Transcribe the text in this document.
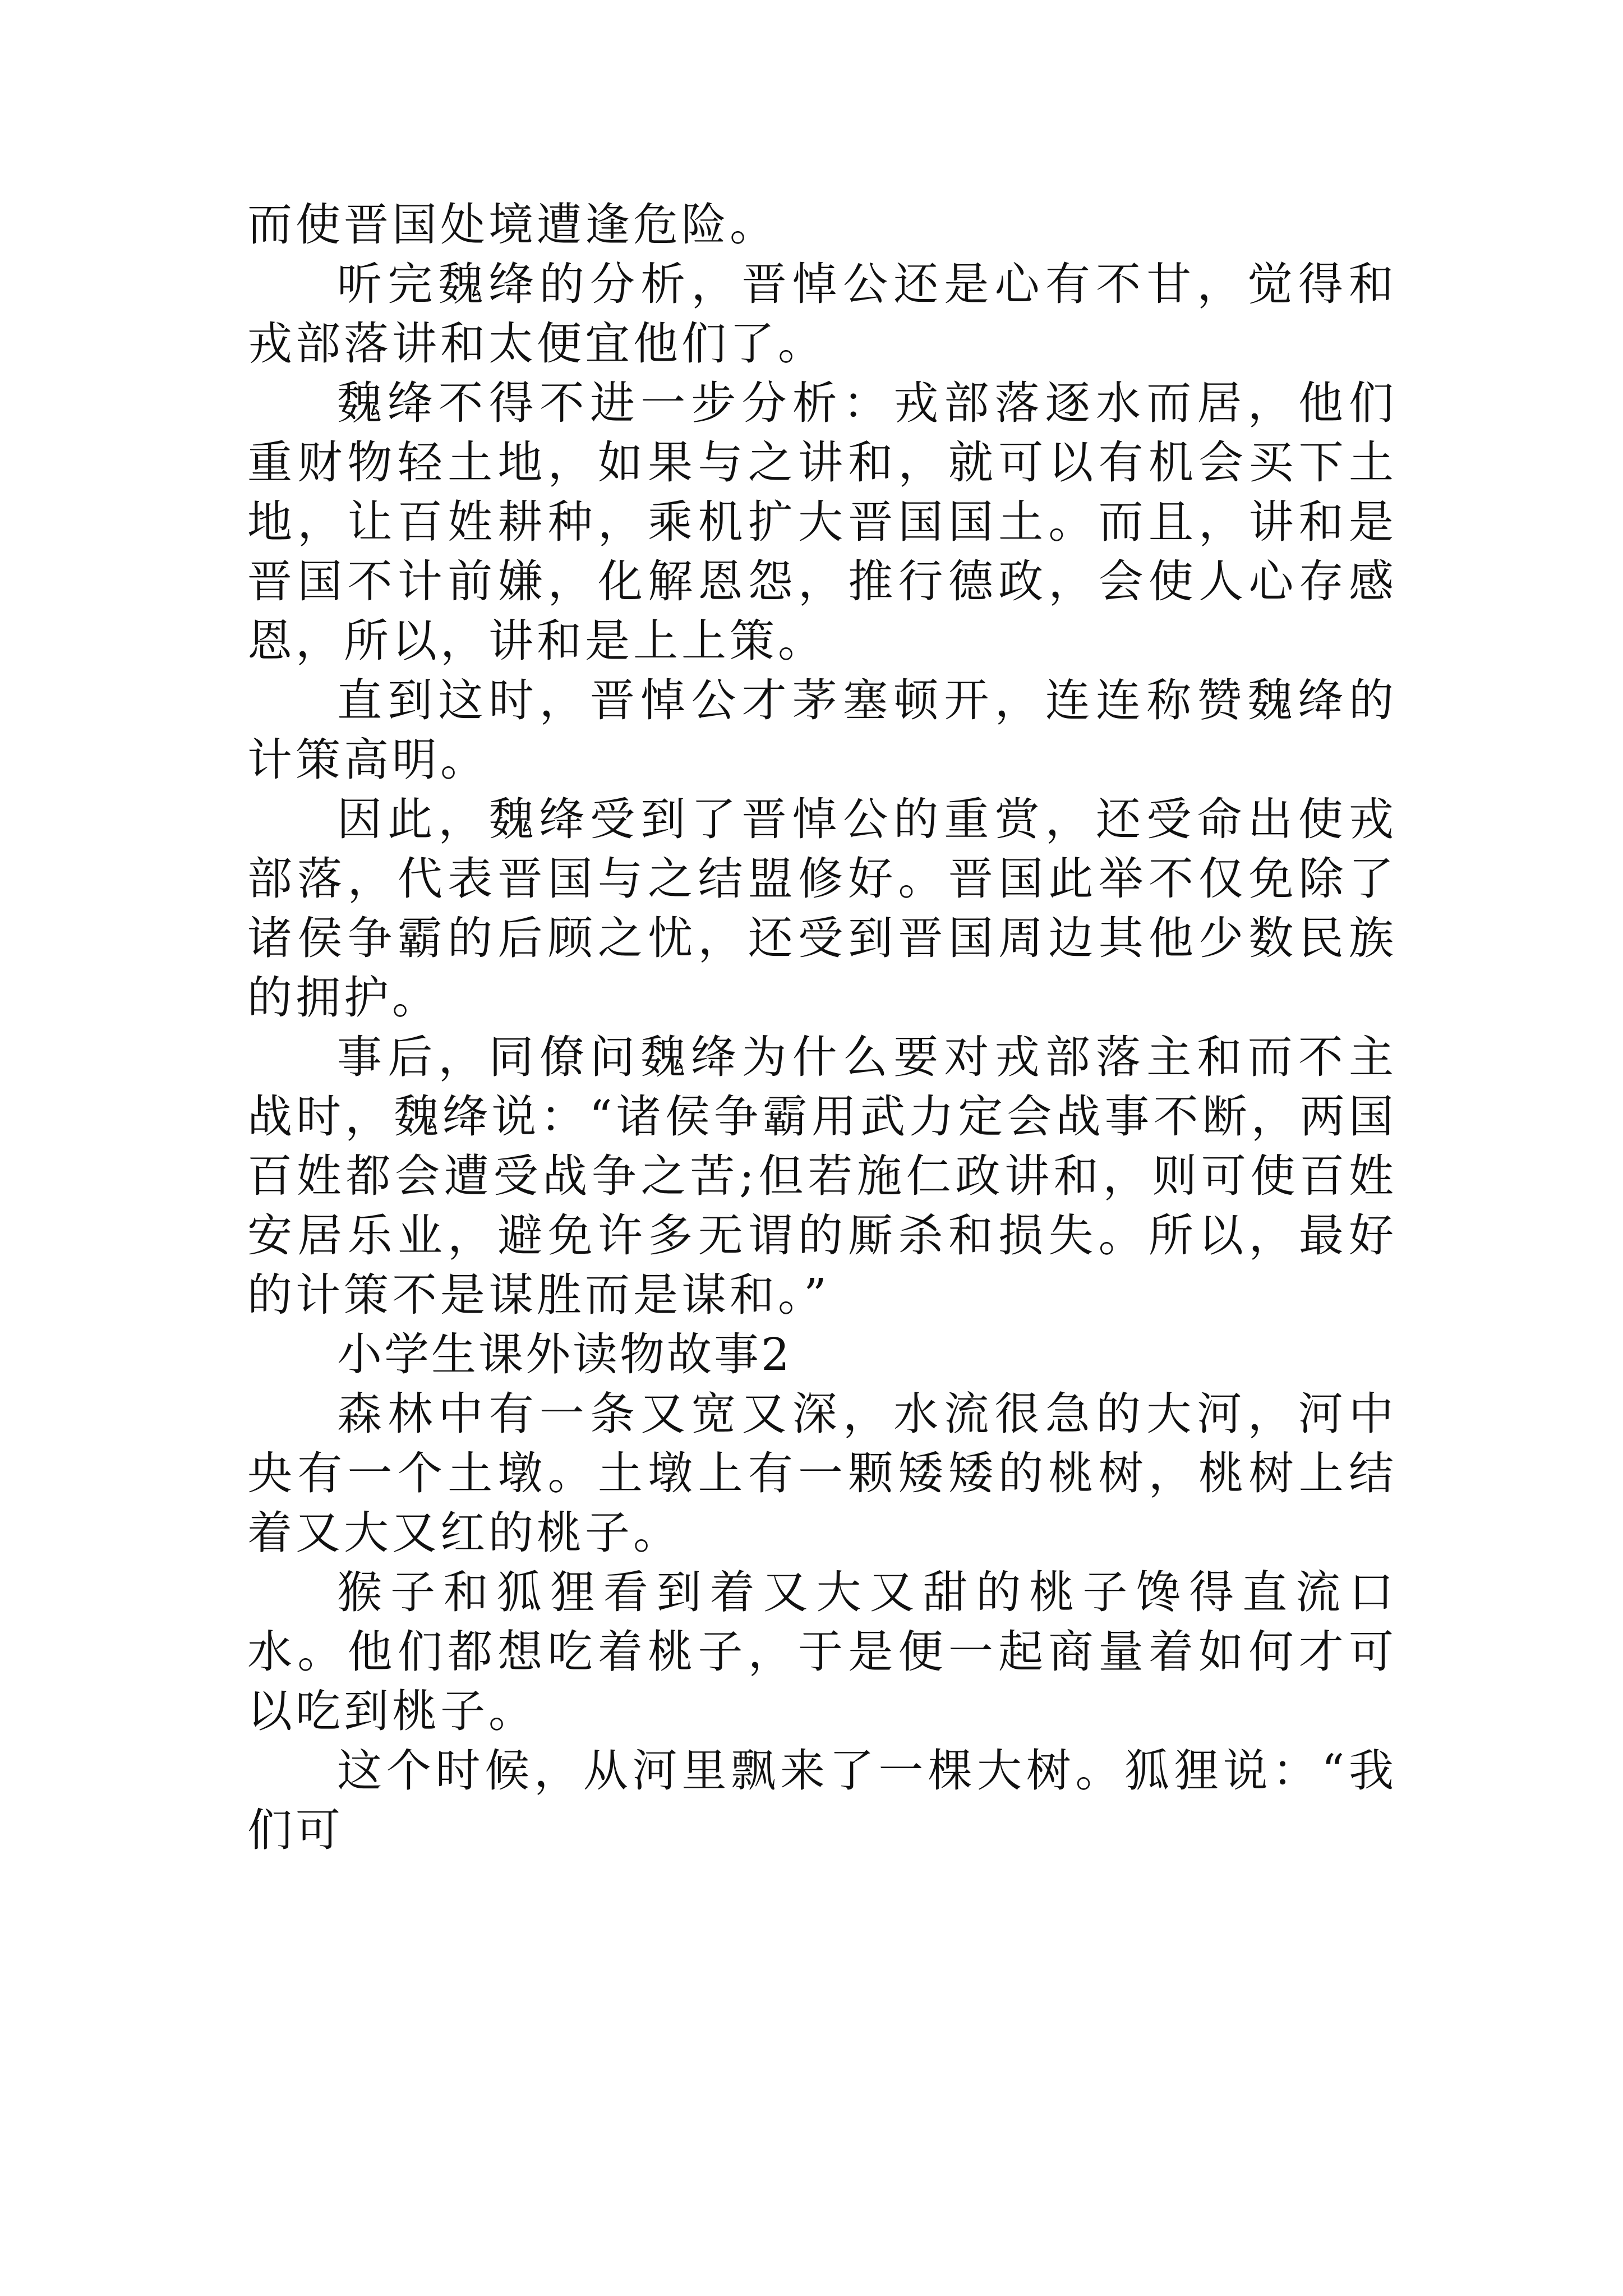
而使晋国处境遭逢危险。

听完魏绛的分析，晋悼公还是心有不甘，觉得和戎部落讲和太便宜他们了。

魏绛不得不进一步分析：戎部落逐水而居，他们重财物轻土地，如果与之讲和，就可以有机会买下土地，让百姓耕种，乘机扩大晋国国土。而且，讲和是晋国不计前嫌，化解恩怨，推行德政，会使人心存感恩，所以，讲和是上上策。

直到这时，晋悼公才茅塞顿开，连连称赞魏绛的计策高明。

因此，魏绛受到了晋悼公的重赏，还受命出使戎部落，代表晋国与之结盟修好。晋国此举不仅免除了诸侯争霸的后顾之忧，还受到晋国周边其他少数民族的拥护。

事后，同僚问魏绛为什么要对戎部落主和而不主战时，魏绛说：“诸侯争霸用武力定会战事不断，两国百姓都会遭受战争之苦;但若施仁政讲和，则可使百姓安居乐业，避免许多无谓的厮杀和损失。所以，最好的计策不是谋胜而是谋和。”

小学生课外读物故事2

森林中有一条又宽又深，水流很急的大河，河中央有一个土墩。土墩上有一颗矮矮的桃树，桃树上结着又大又红的桃子。

猴子和狐狸看到着又大又甜的桃子馋得直流口水。他们都想吃着桃子，于是便一起商量着如何才可以吃到桃子。

这个时候，从河里飘来了一棵大树。狐狸说：“我们可
